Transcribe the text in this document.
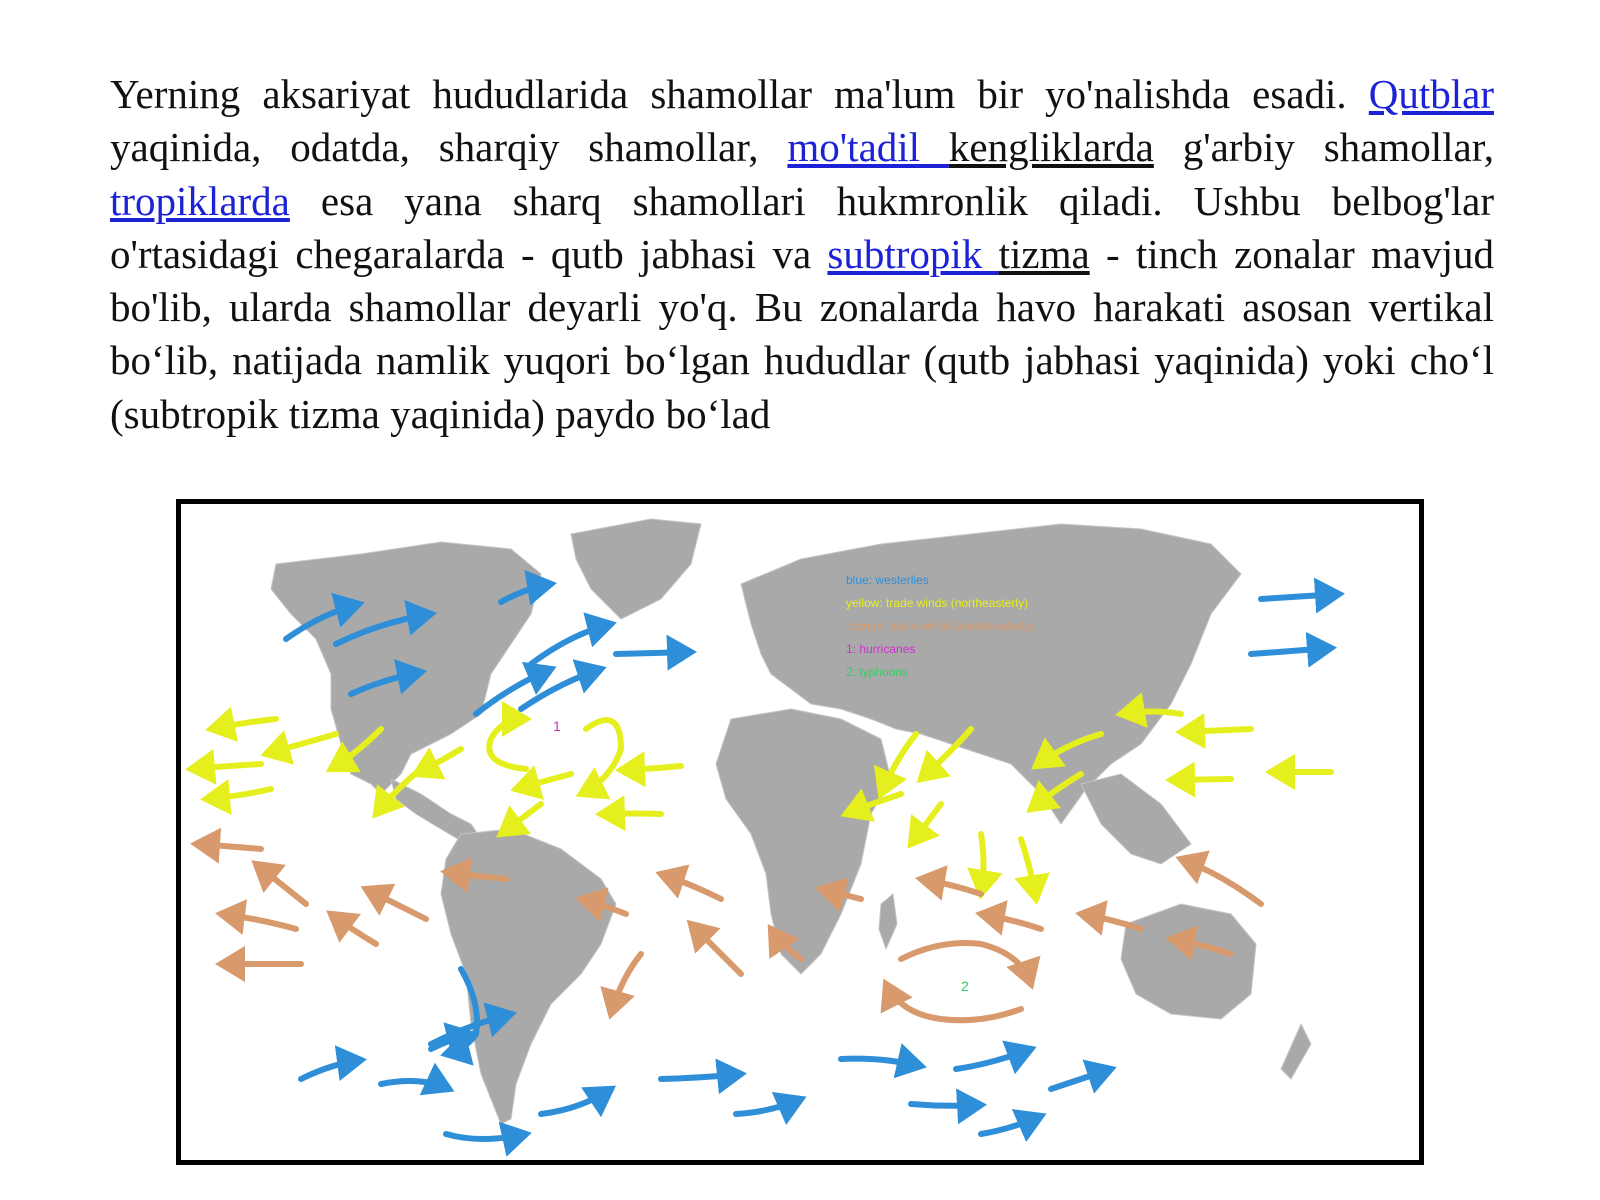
Yerning aksariyat hududlarida shamollar ma'lum bir yo'nalishda esadi. Qutblar yaqinida, odatda, sharqiy shamollar, mo'tadil kengliklarda g'arbiy shamollar, tropiklarda esa yana sharq shamollari hukmronlik qiladi. Ushbu belbog'lar o'rtasidagi chegaralarda - qutb jabhasi va subtropik tizma - tinch zonalar mavjud bo'lib, ularda shamollar deyarli yo'q. Bu zonalarda havo harakati asosan vertikal bo‘lib, natijada namlik yuqori bo‘lgan hududlar (qutb jabhasi yaqinida) yoki cho‘l (subtropik tizma yaqinida) paydo bo‘lad

blue: westerlies
yellow: trade winds (northeasterly)
orange: trade winds (southeasterly)
1: hurricanes
2: typhoons
1
2
